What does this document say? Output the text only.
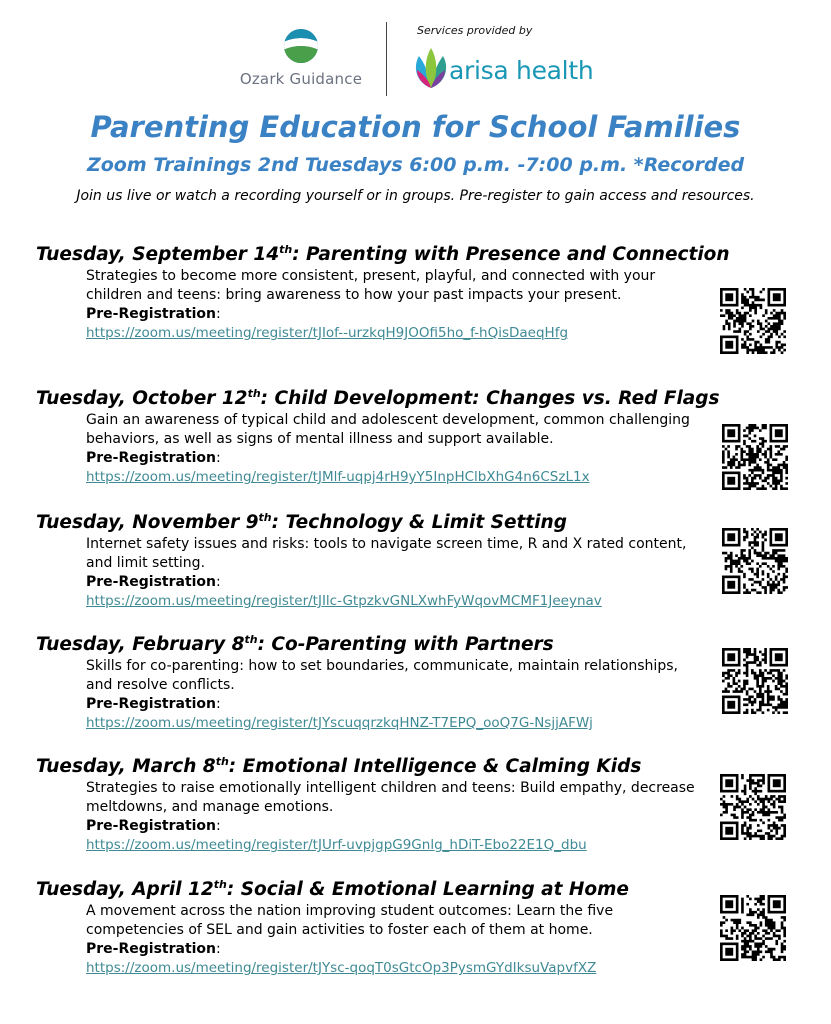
Ozark Guidance
Services provided by
arisa health
Parenting Education for School Families
Zoom Trainings 2nd Tuesdays 6:00 p.m. -7:00 p.m. *Recorded
Join us live or watch a recording yourself or in groups. Pre-register to gain access and resources.
Tuesday, September 14th: Parenting with Presence and Connection

Strategies to become more consistent, present, playful, and connected with your children and teens: bring awareness to how your past impacts your present.

Pre-Registration:
https://zoom.us/meeting/register/tJIof--urzkqH9JOOfi5ho_f-hQisDaeqHfg
Tuesday, October 12th: Child Development: Changes vs. Red Flags

Gain an awareness of typical child and adolescent development, common challenging behaviors, as well as signs of mental illness and support available.

Pre-Registration:
https://zoom.us/meeting/register/tJMlf-uqpj4rH9yY5InpHClbXhG4n6CSzL1x
Tuesday, November 9th: Technology & Limit Setting

Internet safety issues and risks: tools to navigate screen time, R and X rated content, and limit setting.

Pre-Registration:
https://zoom.us/meeting/register/tJIlc-GtpzkvGNLXwhFyWqovMCMF1Jeeynav
Tuesday, February 8th: Co-Parenting with Partners

Skills for co-parenting: how to set boundaries, communicate, maintain relationships, and resolve conflicts.

Pre-Registration:
https://zoom.us/meeting/register/tJYscuqqrzkqHNZ-T7EPQ_ooQ7G-NsjjAFWj
Tuesday, March 8th: Emotional Intelligence & Calming Kids

Strategies to raise emotionally intelligent children and teens: Build empathy, decrease meltdowns, and manage emotions.

Pre-Registration:
https://zoom.us/meeting/register/tJUrf-uvpjgpG9Gnlg_hDiT-Ebo22E1Q_dbu
Tuesday, April 12th: Social & Emotional Learning at Home

A movement across the nation improving student outcomes: Learn the five competencies of SEL and gain activities to foster each of them at home.

Pre-Registration:
https://zoom.us/meeting/register/tJYsc-qoqT0sGtcOp3PysmGYdIksuVapvfXZ
